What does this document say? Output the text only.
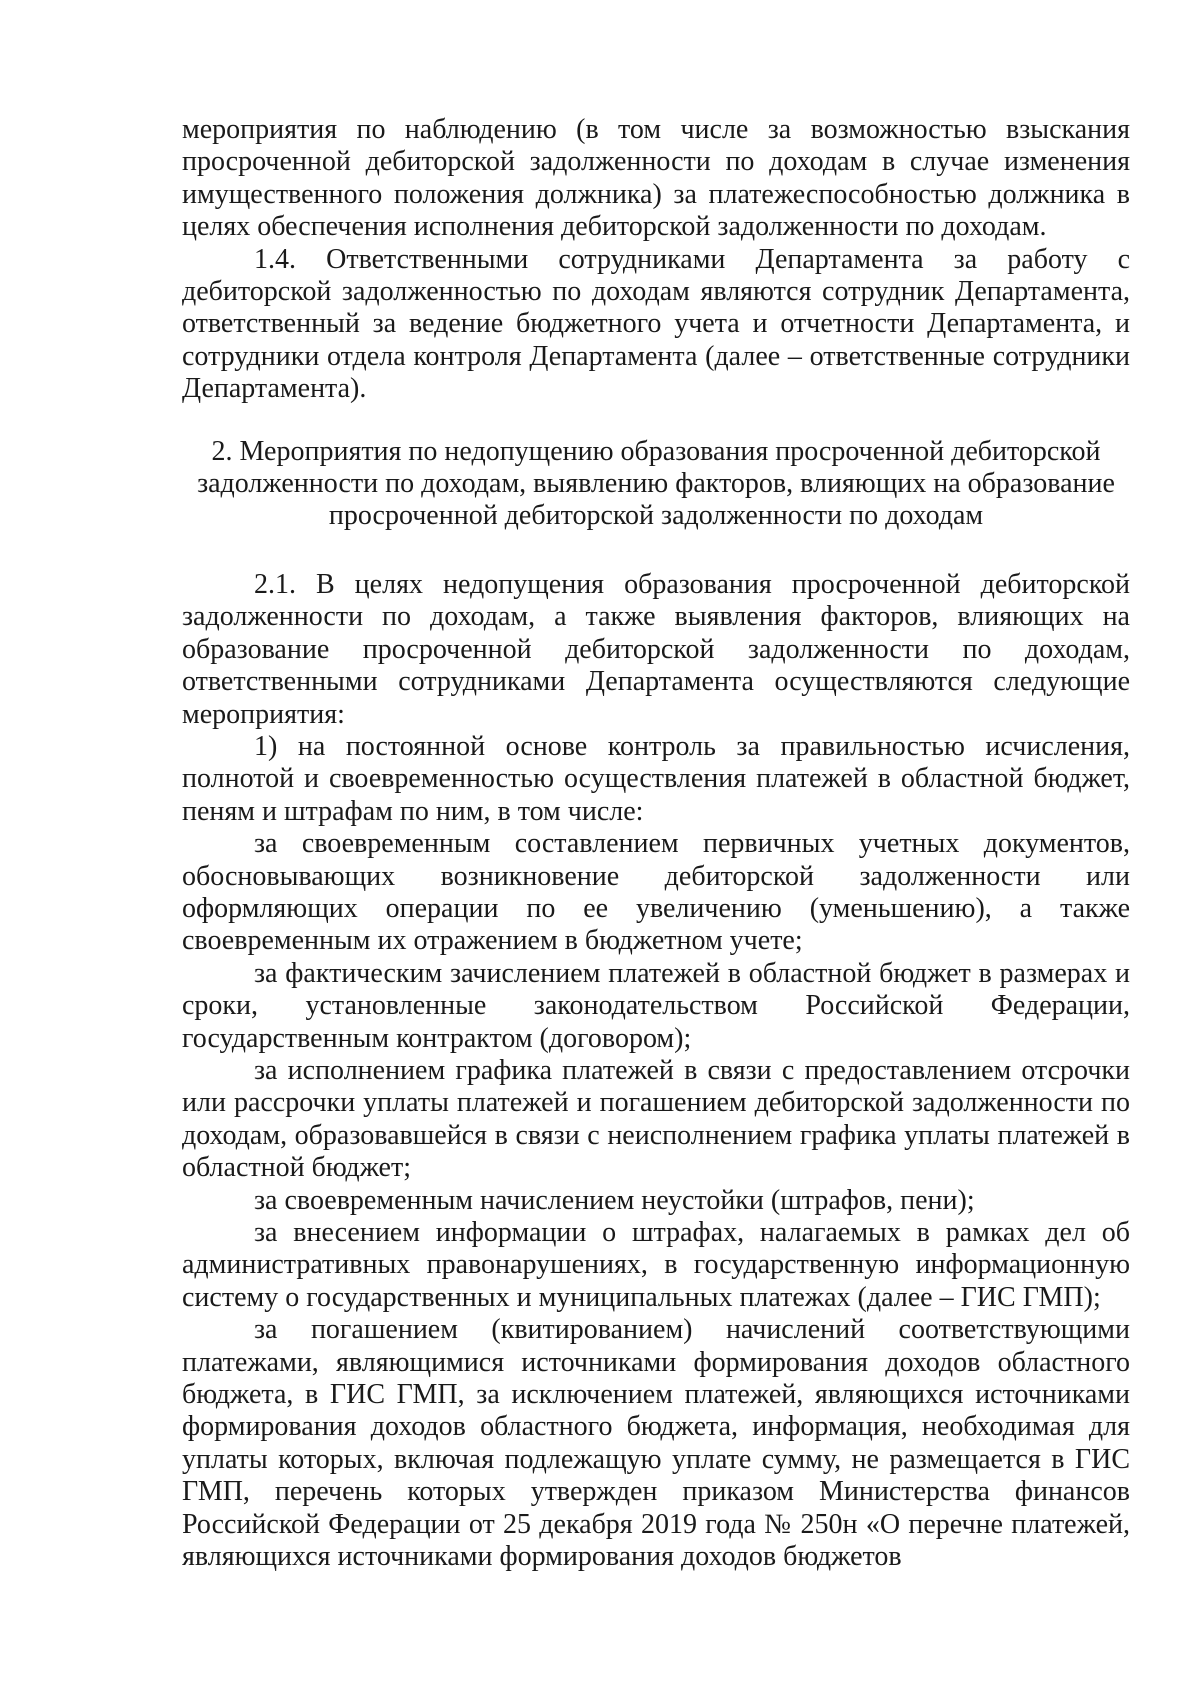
мероприятия по наблюдению (в том числе за возможностью взыскания просроченной дебиторской задолженности по доходам в случае изменения имущественного положения должника) за платежеспособностью должника в целях обеспечения исполнения дебиторской задолженности по доходам.

1.4. Ответственными сотрудниками Департамента за работу с дебиторской задолженностью по доходам являются сотрудник Департамента, ответственный за ведение бюджетного учета и отчетности Департамента, и сотрудники отдела контроля Департамента (далее – ответственные сотрудники Департамента).

2. Мероприятия по недопущению образования просроченной дебиторской задолженности по доходам, выявлению факторов, влияющих на образование просроченной дебиторской задолженности по доходам

2.1. В целях недопущения образования просроченной дебиторской задолженности по доходам, а также выявления факторов, влияющих на образование просроченной дебиторской задолженности по доходам, ответственными сотрудниками Департамента осуществляются следующие мероприятия:

1) на постоянной основе контроль за правильностью исчисления, полнотой и своевременностью осуществления платежей в областной бюджет, пеням и штрафам по ним, в том числе:

за своевременным составлением первичных учетных документов, обосновывающих возникновение дебиторской задолженности или оформляющих операции по ее увеличению (уменьшению), а также своевременным их отражением в бюджетном учете;

за фактическим зачислением платежей в областной бюджет в размерах и сроки, установленные законодательством Российской Федерации, государственным контрактом (договором);

за исполнением графика платежей в связи с предоставлением отсрочки или рассрочки уплаты платежей и погашением дебиторской задолженности по доходам, образовавшейся в связи с неисполнением графика уплаты платежей в областной бюджет;

за своевременным начислением неустойки (штрафов, пени);

за внесением информации о штрафах, налагаемых в рамках дел об административных правонарушениях, в государственную информационную систему о государственных и муниципальных платежах (далее – ГИС ГМП);

за погашением (квитированием) начислений соответствующими платежами, являющимися источниками формирования доходов областного бюджета, в ГИС ГМП, за исключением платежей, являющихся источниками формирования доходов областного бюджета, информация, необходимая для уплаты которых, включая подлежащую уплате сумму, не размещается в ГИС ГМП, перечень которых утвержден приказом Министерства финансов Российской Федерации от 25 декабря 2019 года № 250н «О перечне платежей, являющихся источниками формирования доходов бюджетов
